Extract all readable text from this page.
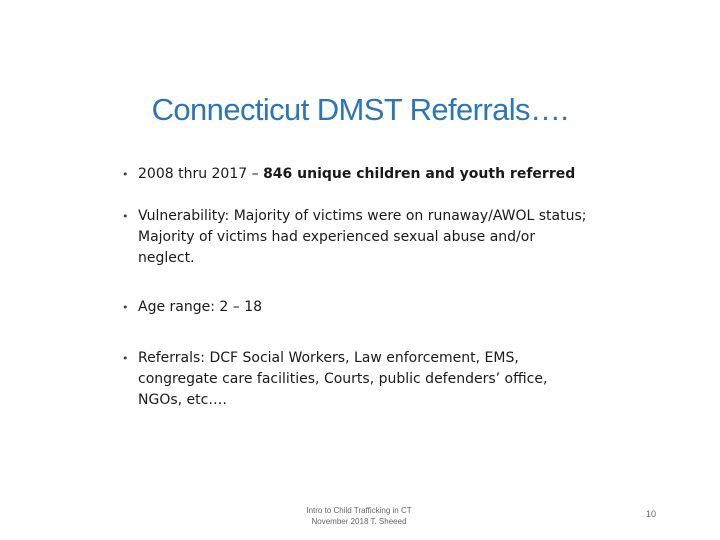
Connecticut DMST Referrals….
• 2008 thru 2017 – 846 unique children and youth referred
• Vulnerability: Majority of victims were on runaway/AWOL status; Majority of victims had experienced sexual abuse and/or neglect.
• Age range: 2 – 18
• Referrals: DCF Social Workers, Law enforcement, EMS, congregate care facilities, Courts, public defenders’ office, NGOs, etc….
Intro to Child Trafficking in CT
November 2018 T. Sheeed
10
